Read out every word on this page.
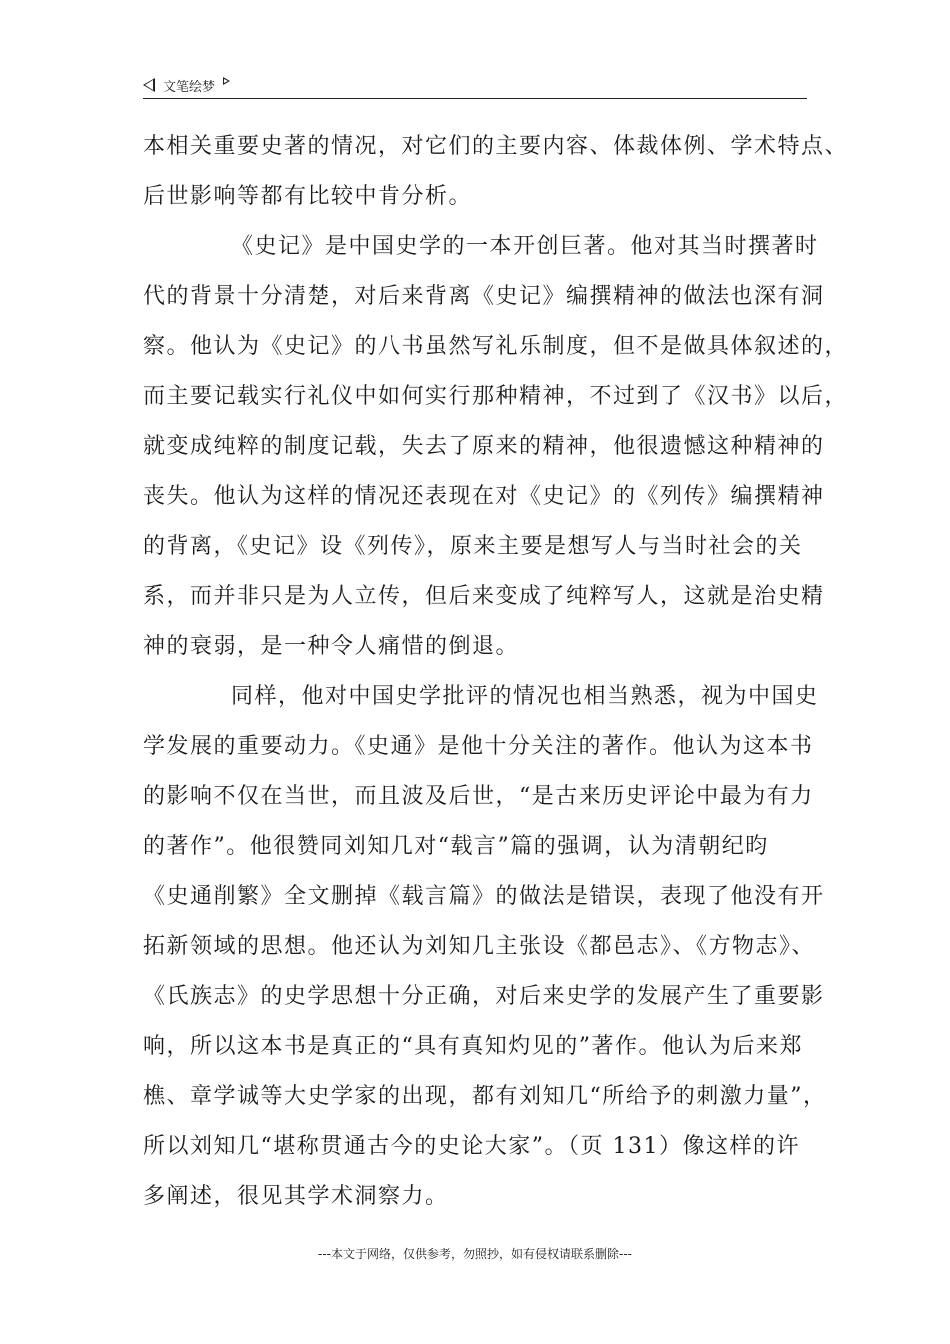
文笔绘梦
本相关重要史著的情况，对它们的主要内容、体裁体例、学术特点、
后世影响等都有比较中肯分析。
《史记》是中国史学的一本开创巨著。他对其当时撰著时
代的背景十分清楚，对后来背离《史记》编撰精神的做法也深有洞
察。他认为《史记》的八书虽然写礼乐制度，但不是做具体叙述的，
而主要记载实行礼仪中如何实行那种精神，不过到了《汉书》以后，
就变成纯粹的制度记载，失去了原来的精神，他很遗憾这种精神的
丧失。他认为这样的情况还表现在对《史记》的《列传》编撰精神
的背离，《史记》设《列传》，原来主要是想写人与当时社会的关
系，而并非只是为人立传，但后来变成了纯粹写人，这就是治史精
神的衰弱，是一种令人痛惜的倒退。
同样，他对中国史学批评的情况也相当熟悉，视为中国史
学发展的重要动力。《史通》是他十分关注的著作。他认为这本书
的影响不仅在当世，而且波及后世，“是古来历史评论中最为有力
的著作”。他很赞同刘知几对“载言”篇的强调，认为清朝纪昀
《史通削繁》全文删掉《载言篇》的做法是错误，表现了他没有开
拓新领域的思想。他还认为刘知几主张设《都邑志》、《方物志》、
《氏族志》的史学思想十分正确，对后来史学的发展产生了重要影
响，所以这本书是真正的“具有真知灼见的”著作。他认为后来郑
樵、章学诚等大史学家的出现，都有刘知几“所给予的刺激力量”，
所以刘知几“堪称贯通古今的史论大家”。（页 131）像这样的许
多阐述，很见其学术洞察力。
---本文于网络，仅供参考，勿照抄，如有侵权请联系删除---
